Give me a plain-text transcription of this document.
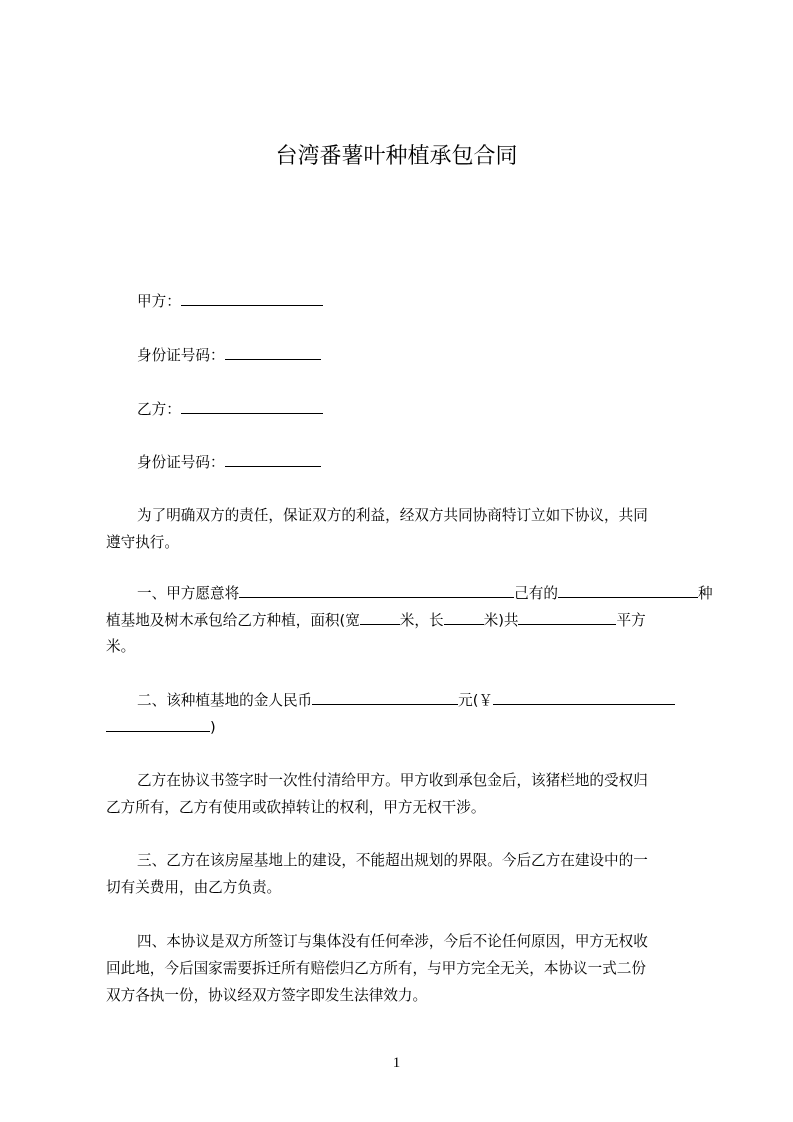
台湾番薯叶种植承包合同
甲方：
身份证号码：
乙方：
身份证号码：
为了明确双方的责任，保证双方的利益，经双方共同协商特订立如下协议，共同
遵守执行。
一、甲方愿意将	己有的	种
植基地及树木承包给乙方种植，面积(宽	米，长	米)共	平方
米。
二、该种植基地的金人民币	元(￥
)
乙方在协议书签字时一次性付清给甲方。甲方收到承包金后，该猪栏地的受权归
乙方所有，乙方有使用或砍掉转让的权利，甲方无权干涉。
三、乙方在该房屋基地上的建设，不能超出规划的界限。今后乙方在建设中的一
切有关费用，由乙方负责。
四、本协议是双方所签订与集体没有任何牵涉，今后不论任何原因，甲方无权收
回此地，今后国家需要拆迁所有赔偿归乙方所有，与甲方完全无关，本协议一式二份
双方各执一份，协议经双方签字即发生法律效力。
1
